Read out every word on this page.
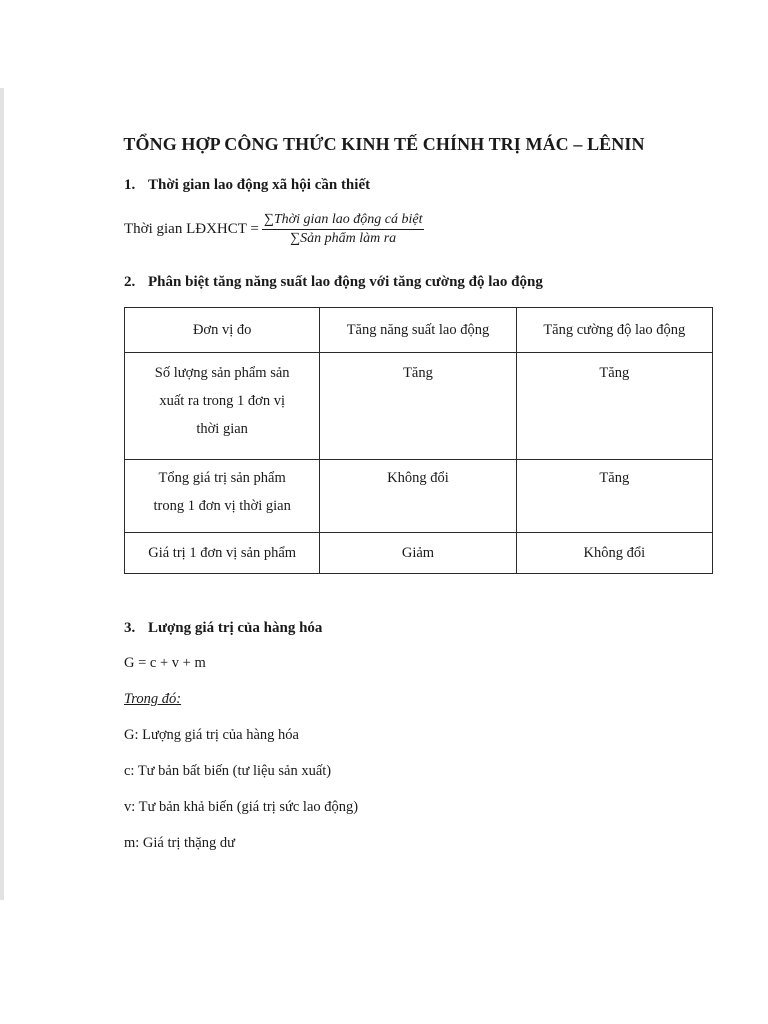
TỔNG HỢP CÔNG THỨC KINH TẾ CHÍNH TRỊ MÁC – LÊNIN
1. Thời gian lao động xã hội cần thiết
Thời gian LĐXHCT = $\frac{\text{∑Thời gian lao động cá biệt}}{\text{∑Sản phẩm làm ra}}$
2. Phân biệt tăng năng suất lao động với tăng cường độ lao động
Đơn vị đo	Tăng năng suất lao động	Tăng cường độ lao động

Số lượng sản phẩm sản
xuất ra trong 1 đơn vị
thời gian	Tăng	Tăng

Tổng giá trị sản phẩm
trong 1 đơn vị thời gian	Không đổi	Tăng

Giá trị 1 đơn vị sản phẩm	Giảm	Không đổi
3. Lượng giá trị của hàng hóa
G = c + v + m
Trong đó:
G: Lượng giá trị của hàng hóa
c: Tư bản bất biến (tư liệu sản xuất)
v: Tư bản khả biến (giá trị sức lao động)
m: Giá trị thặng dư
